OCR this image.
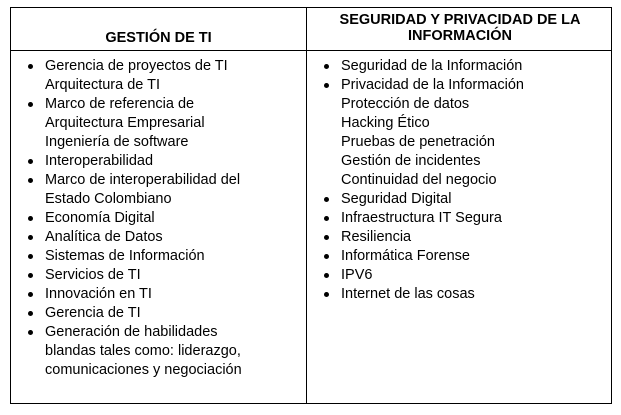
GESTIÓN DE TI
SEGURIDAD Y PRIVACIDAD DE LA
INFORMACIÓN
Gerencia de proyectos de TI
Arquitectura de TI
Marco de referencia de
Arquitectura Empresarial
Ingeniería de software
Interoperabilidad
Marco de interoperabilidad del
Estado Colombiano
Economía Digital
Analítica de Datos
Sistemas de Información
Servicios de TI
Innovación en TI
Gerencia de TI
Generación de habilidades
blandas tales como: liderazgo,
comunicaciones y negociación
Seguridad de la Información
Privacidad de la Información
Protección de datos
Hacking Ético
Pruebas de penetración
Gestión de incidentes
Continuidad del negocio
Seguridad Digital
Infraestructura IT Segura
Resiliencia
Informática Forense
IPV6
Internet de las cosas
